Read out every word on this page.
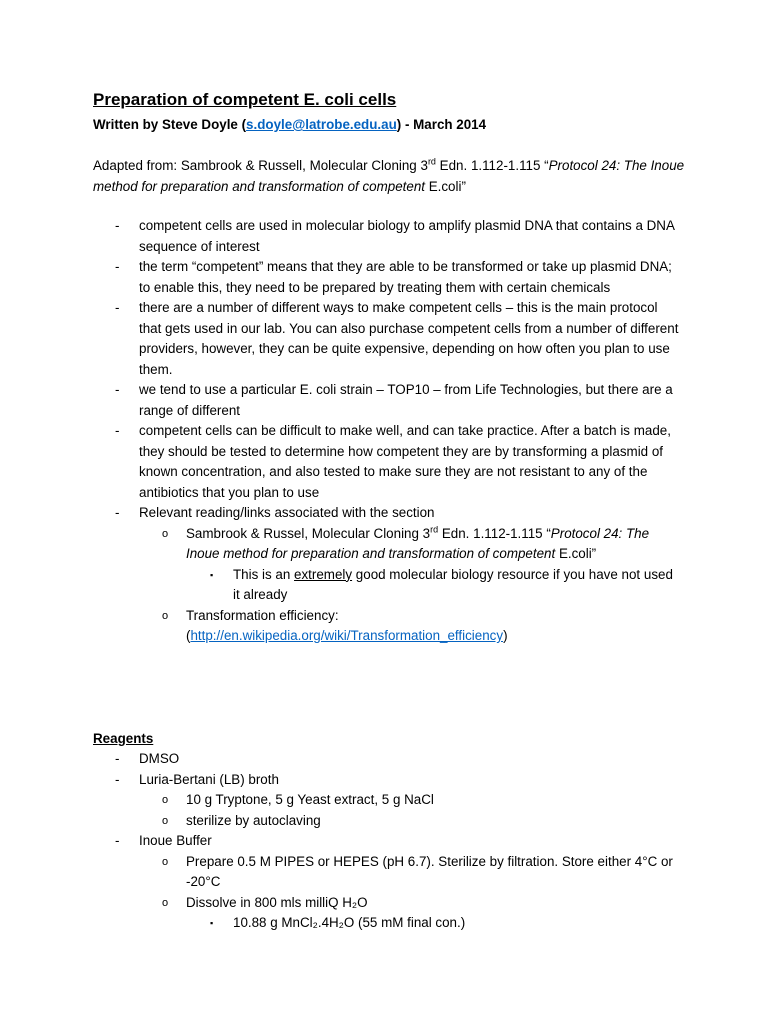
Preparation of competent E. coli cells
Written by Steve Doyle (s.doyle@latrobe.edu.au) - March 2014
Adapted from: Sambrook & Russell, Molecular Cloning 3rd Edn. 1.112-1.115 “Protocol 24: The Inoue method for preparation and transformation of competent E.coli”
- competent cells are used in molecular biology to amplify plasmid DNA that contains a DNA sequence of interest
- the term “competent” means that they are able to be transformed or take up plasmid DNA; to enable this, they need to be prepared by treating them with certain chemicals
- there are a number of different ways to make competent cells – this is the main protocol that gets used in our lab. You can also purchase competent cells from a number of different providers, however, they can be quite expensive, depending on how often you plan to use them.
- we tend to use a particular E. coli strain – TOP10 – from Life Technologies, but there are a range of different
- competent cells can be difficult to make well, and can take practice. After a batch is made, they should be tested to determine how competent they are by transforming a plasmid of known concentration, and also tested to make sure they are not resistant to any of the antibiotics that you plan to use
- Relevant reading/links associated with the section
o Sambrook & Russel, Molecular Cloning 3rd Edn. 1.112-1.115 “Protocol 24: The Inoue method for preparation and transformation of competent E.coli”
▪ This is an extremely good molecular biology resource if you have not used it already
o Transformation efficiency:
(http://en.wikipedia.org/wiki/Transformation_efficiency)
Reagents
- DMSO
- Luria-Bertani (LB) broth
o 10 g Tryptone, 5 g Yeast extract, 5 g NaCl
o sterilize by autoclaving
- Inoue Buffer
o Prepare 0.5 M PIPES or HEPES (pH 6.7). Sterilize by filtration. Store either 4°C or -20°C
o Dissolve in 800 mls milliQ H₂O
▪ 10.88 g MnCl₂.4H₂O (55 mM final con.)
